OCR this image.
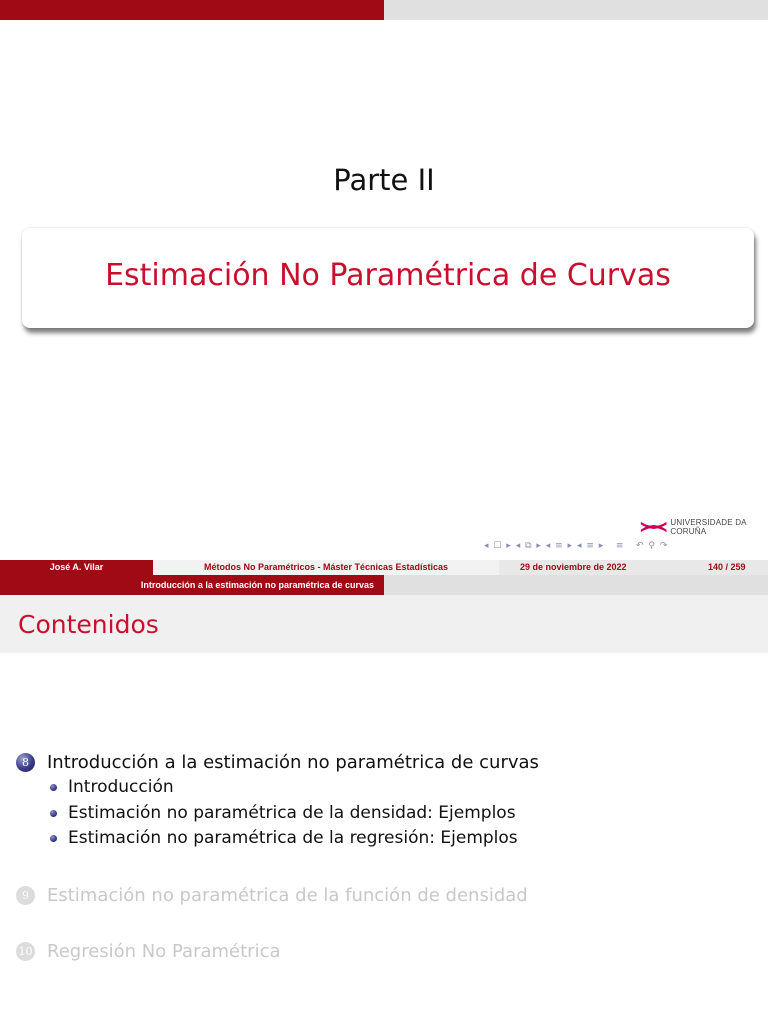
Parte II
Estimación No Paramétrica de Curvas
UNIVERSIDADE DA CORUÑA
◂ ☐ ▸ ◂ ⧉ ▸ ◂ ≡ ▸ ◂ ≡ ▸   ≡   ↶ ⚲ ↷
José A. Vilar	Métodos No Paramétricos - Máster Técnicas Estadísticas	29 de noviembre de 2022	140 / 259
Introducción a la estimación no paramétrica de curvas
Contenidos
8	Introducción a la estimación no paramétrica de curvas
Introducción
Estimación no paramétrica de la densidad: Ejemplos
Estimación no paramétrica de la regresión: Ejemplos
9	Estimación no paramétrica de la función de densidad
10 Regresión No Paramétrica
